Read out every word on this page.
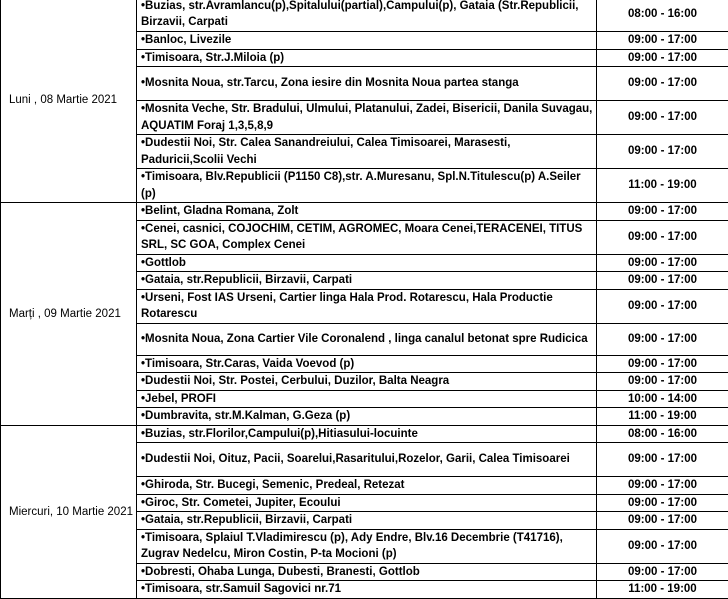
Luni , 08 Martie 2021	•Buzias, str.Avramlancu(p),Spitalului(partial),Campului(p), Gataia (Str.Republicii, Birzavii, Carpati	08:00 - 16:00
	•Banloc, Livezile	09:00 - 17:00
	•Timisoara, Str.J.Miloia (p)	09:00 - 17:00
	•Mosnita Noua, str.Tarcu, Zona iesire din Mosnita Noua partea stanga	09:00 - 17:00
	•Mosnita Veche, Str. Bradului, Ulmului, Platanului, Zadei, Bisericii, Danila Suvagau, AQUATIM Foraj 1,3,5,8,9	09:00 - 17:00
	•Dudestii Noi, Str. Calea Sanandreiului, Calea Timisoarei, Marasesti, Paduricii,Scolii Vechi	09:00 - 17:00
	•Timisoara, Blv.Republicii (P1150 C8),str. A.Muresanu, Spl.N.Titulescu(p) A.Seiler (p)	11:00 - 19:00
Marți , 09 Martie 2021	•Belint, Gladna Romana, Zolt	09:00 - 17:00
	•Cenei, casnici, COJOCHIM, CETIM, AGROMEC, Moara Cenei,TERACENEI, TITUS SRL, SC GOA, Complex Cenei	09:00 - 17:00
	•Gottlob	09:00 - 17:00
	•Gataia, str.Republicii, Birzavii, Carpati	09:00 - 17:00
	•Urseni, Fost IAS Urseni, Cartier linga Hala Prod. Rotarescu, Hala Productie Rotarescu	09:00 - 17:00
	•Mosnita Noua, Zona Cartier Vile Coronalend , linga canalul betonat spre Rudicica	09:00 - 17:00
	•Timisoara, Str.Caras, Vaida Voevod (p)	09:00 - 17:00
	•Dudestii Noi, Str. Postei, Cerbului, Duzilor, Balta Neagra	09:00 - 17:00
	•Jebel, PROFI	10:00 - 14:00
	•Dumbravita, str.M.Kalman, G.Geza (p)	11:00 - 19:00
Miercuri, 10 Martie 2021	•Buzias, str.Florilor,Campului(p),Hitiasului-locuinte	08:00 - 16:00
	•Dudestii Noi, Oituz, Pacii, Soarelui,Rasaritului,Rozelor, Garii, Calea Timisoarei	09:00 - 17:00
	•Ghiroda, Str. Bucegi, Semenic, Predeal, Retezat	09:00 - 17:00
	•Giroc, Str. Cometei, Jupiter, Ecoului	09:00 - 17:00
	•Gataia, str.Republicii, Birzavii, Carpati	09:00 - 17:00
	•Timisoara, Splaiul T.Vladimirescu (p), Ady Endre, Blv.16 Decembrie (T41716), Zugrav Nedelcu, Miron Costin, P-ta Mocioni (p)	09:00 - 17:00
	•Dobresti, Ohaba Lunga, Dubesti, Branesti, Gottlob	09:00 - 17:00
	•Timisoara, str.Samuil Sagovici nr.71	11:00 - 19:00
